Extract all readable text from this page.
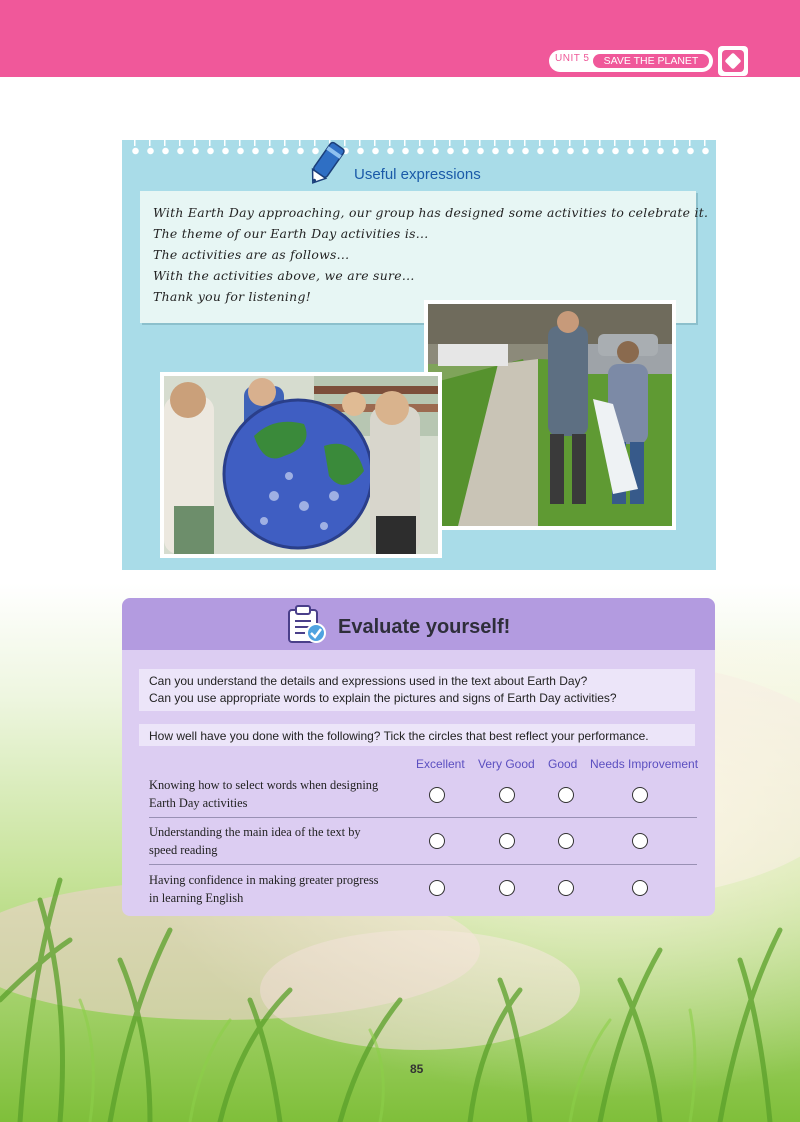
UNIT 5	SAVE THE PLANET
Useful expressions
With Earth Day approaching, our group has designed some activities to celebrate it.
The theme of our Earth Day activities is...
The activities are as follows...
With the activities above, we are sure...
Thank you for listening!
Evaluate yourself!
Can you understand the details and expressions used in the text about Earth Day?
Can you use appropriate words to explain the pictures and signs of Earth Day activities?
How well have you done with the following? Tick the circles that best reflect your performance.
Excellent Very Good Good Needs Improvement
Knowing how to select words when designing Earth Day activities
Understanding the main idea of the text by speed reading
Having confidence in making greater progress in learning English
85
